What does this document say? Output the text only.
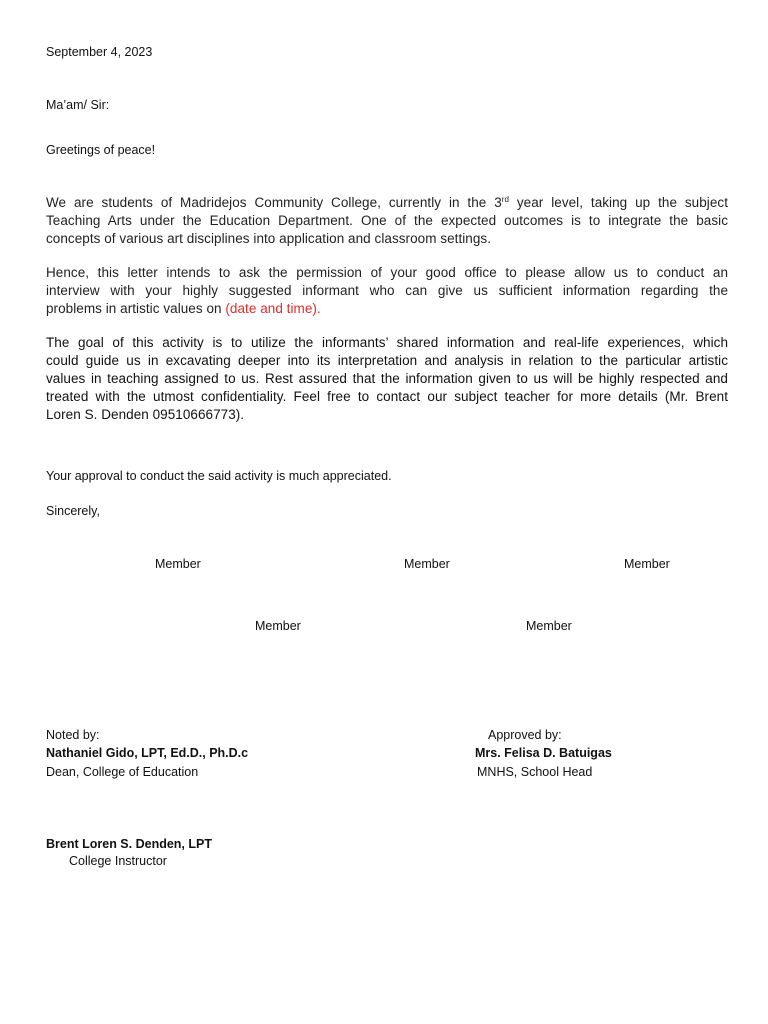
September 4, 2023

Ma’am/ Sir:

Greetings of peace!

We are students of Madridejos Community College, currently in the 3rd year level, taking up the subject
Teaching Arts under the Education Department. One of the expected outcomes is to integrate the basic
concepts of various art disciplines into application and classroom settings.
Hence, this letter intends to ask the permission of your good office to please allow us to conduct an
interview with your highly suggested informant who can give us sufficient information regarding the
problems in artistic values on (date and time).
The goal of this activity is to utilize the informants’ shared information and real-life experiences, which
could guide us in excavating deeper into its interpretation and analysis in relation to the particular artistic
values in teaching assigned to us. Rest assured that the information given to us will be highly respected and
treated with the utmost confidentiality. Feel free to contact our subject teacher for more details (Mr. Brent
Loren S. Denden 09510666773).

Your approval to conduct the said activity is much appreciated.

Sincerely,

Member	Member	Member

Member	Member

Noted by:

Nathaniel Gido, LPT, Ed.D., Ph.D.c

Dean, College of Education

Approved by:

Mrs. Felisa D. Batuigas

MNHS, School Head

Brent Loren S. Denden, LPT

College Instructor
